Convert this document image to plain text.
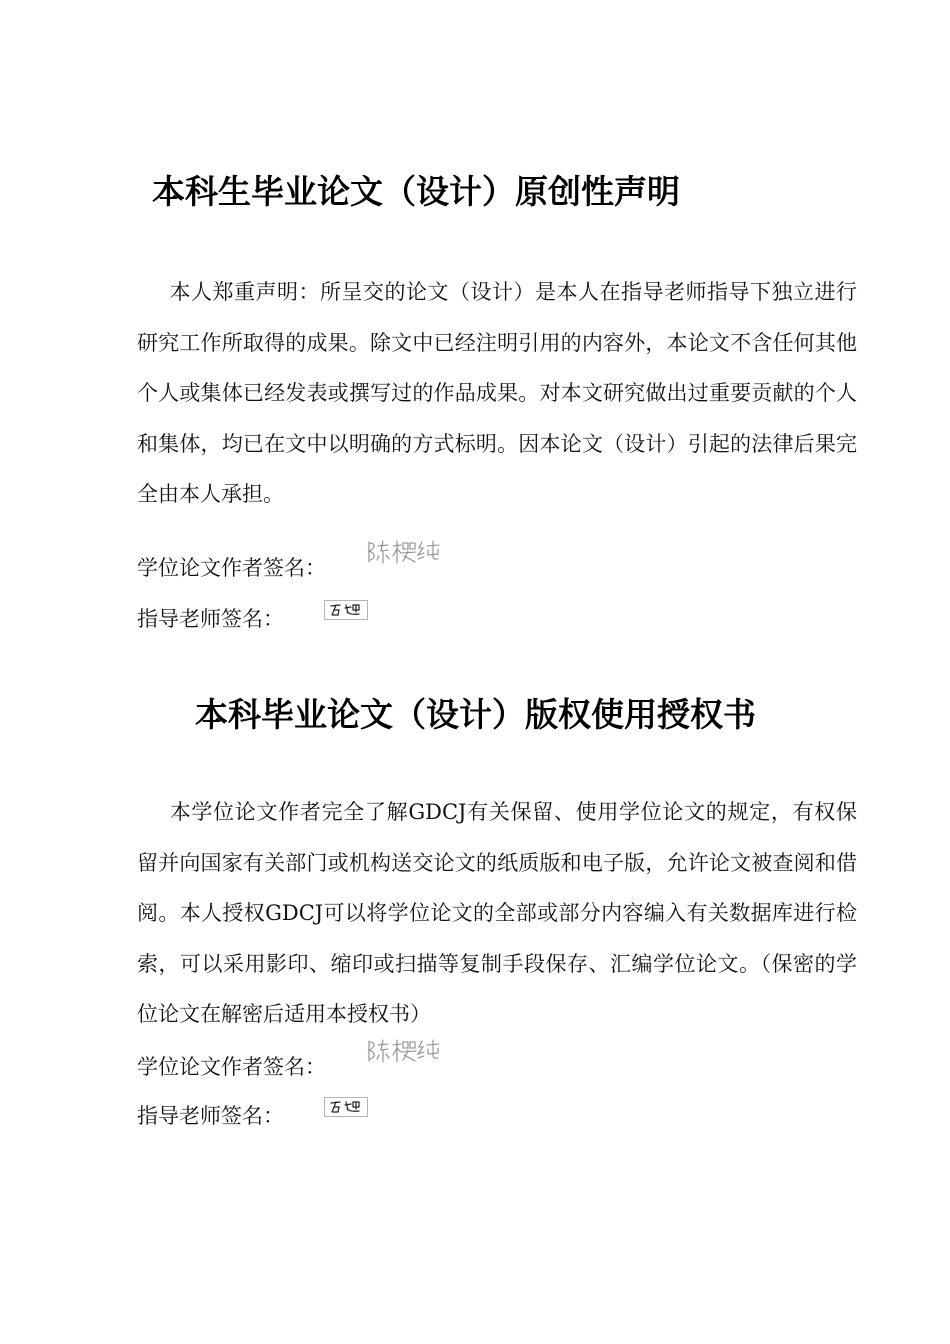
本科生毕业论文（设计）原创性声明
本人郑重声明：所呈交的论文（设计）是本人在指导老师指导下独立进行研究工作所取得的成果。除文中已经注明引用的内容外，本论文不含任何其他个人或集体已经发表或撰写过的作品成果。对本文研究做出过重要贡献的个人和集体，均已在文中以明确的方式标明。因本论文（设计）引起的法律后果完全由本人承担。
学位论文作者签名：
指导老师签名：
本科毕业论文（设计）版权使用授权书
本学位论文作者完全了解GDCJ有关保留、使用学位论文的规定，有权保留并向国家有关部门或机构送交论文的纸质版和电子版，允许论文被查阅和借阅。本人授权GDCJ可以将学位论文的全部或部分内容编入有关数据库进行检索，可以采用影印、缩印或扫描等复制手段保存、汇编学位论文。（保密的学位论文在解密后适用本授权书）
学位论文作者签名：
指导老师签名：
